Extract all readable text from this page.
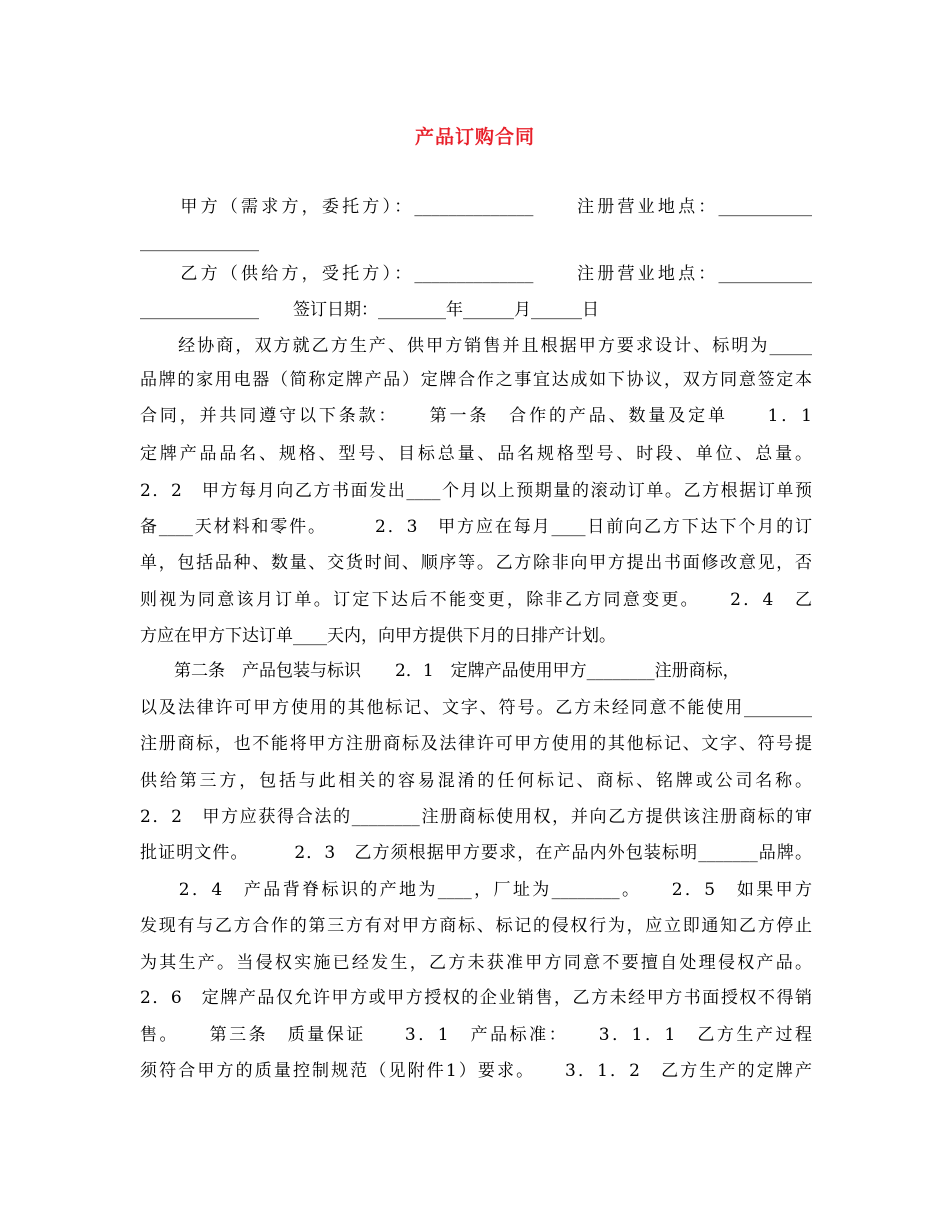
产品订购合同
　　甲方（需求方，委托方）：______________　　注册营业地点：___________
______________
　　乙方（供给方，受托方）：______________　　注册营业地点：___________
______________　　签订日期：________年______月______日
　　经协商，双方就乙方生产、供甲方销售并且根据甲方要求设计、标明为_____
品牌的家用电器（简称定牌产品）定牌合作之事宜达成如下协议，双方同意签定本
合同，并共同遵守以下条款：　　第一条　合作的产品、数量及定单　　1．1
定牌产品品名、规格、型号、目标总量、品名规格型号、时段、单位、总量。
2．2　甲方每月向乙方书面发出____个月以上预期量的滚动订单。乙方根据订单预
备____天材料和零件。　　　2．3　甲方应在每月____日前向乙方下达下个月的订
单，包括品种、数量、交货时间、顺序等。乙方除非向甲方提出书面修改意见，否
则视为同意该月订单。订定下达后不能变更，除非乙方同意变更。　　2．4　乙
方应在甲方下达订单____天内，向甲方提供下月的日排产计划。
　　第二条　产品包装与标识　　2．1　定牌产品使用甲方________注册商标，
以及法律许可甲方使用的其他标记、文字、符号。乙方未经同意不能使用________
注册商标，也不能将甲方注册商标及法律许可甲方使用的其他标记、文字、符号提
供给第三方，包括与此相关的容易混淆的任何标记、商标、铭牌或公司名称。
2．2　甲方应获得合法的________注册商标使用权，并向乙方提供该注册商标的审
批证明文件。　　　2．3　乙方须根据甲方要求，在产品内外包装标明_______品牌。
　　2．4　产品背脊标识的产地为____，厂址为________。　　2．5　如果甲方
发现有与乙方合作的第三方有对甲方商标、标记的侵权行为，应立即通知乙方停止
为其生产。当侵权实施已经发生，乙方未获准甲方同意不要擅自处理侵权产品。
2．6　定牌产品仅允许甲方或甲方授权的企业销售，乙方未经甲方书面授权不得销
售。　　第三条　质量保证　　3．1　产品标准：　　3．1．1　乙方生产过程
须符合甲方的质量控制规范（见附件1）要求。　　3．1．2　乙方生产的定牌产
